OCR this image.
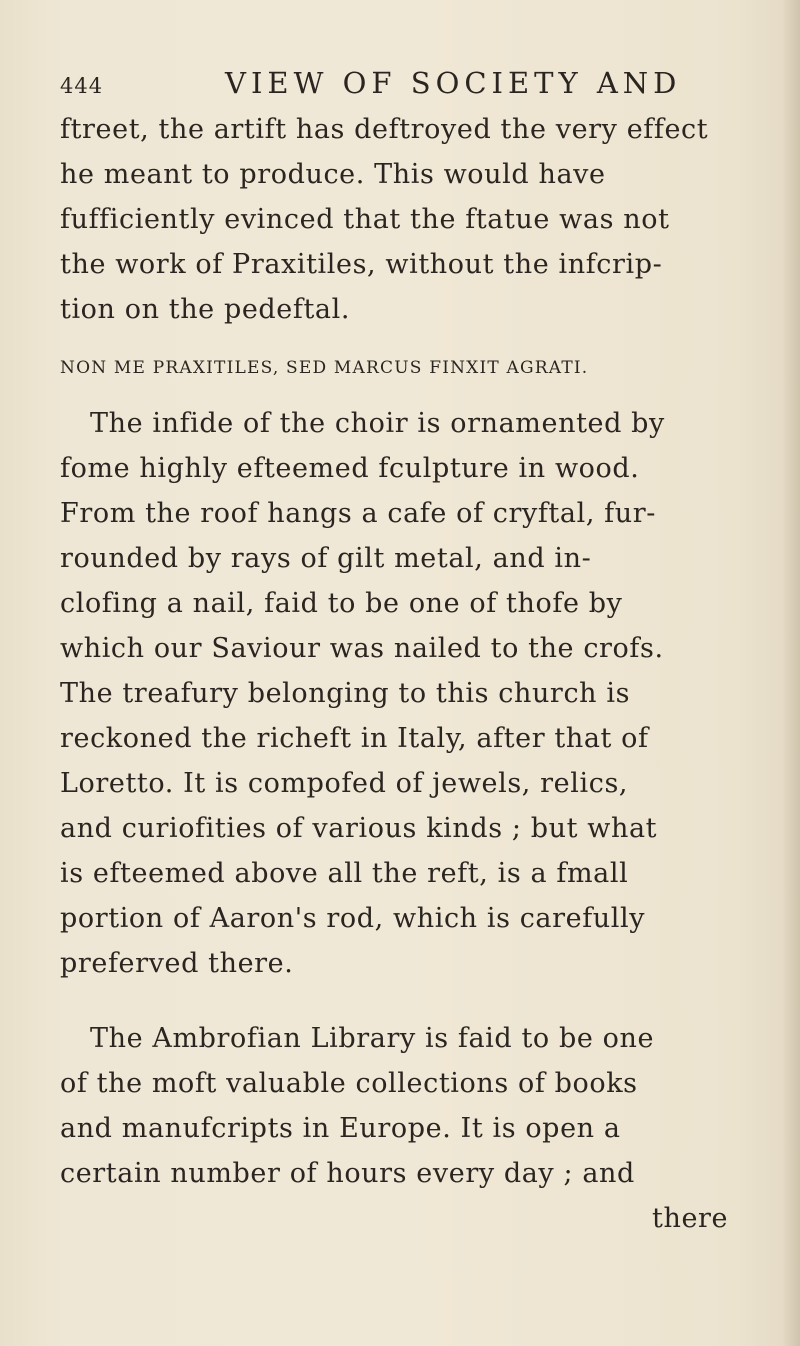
444	VIEW OF SOCIETY AND
ftreet, the artift has deftroyed the very effect
he meant to produce. This would have
fufficiently evinced that the ftatue was not
the work of Praxitiles, without the infcrip-
tion on the pedeftal.
NON ME PRAXITILES, SED MARCUS FINXIT AGRATI.
The infide of the choir is ornamented by
fome highly efteemed fculpture in wood.
From the roof hangs a cafe of cryftal, fur-
rounded by rays of gilt metal, and in-
clofing a nail, faid to be one of thofe by
which our Saviour was nailed to the crofs.
The treafury belonging to this church is
reckoned the richeft in Italy, after that of
Loretto. It is compofed of jewels, relics,
and curiofities of various kinds ; but what
is efteemed above all the reft, is a fmall
portion of Aaron's rod, which is carefully
preferved there.
The Ambrofian Library is faid to be one
of the moft valuable collections of books
and manufcripts in Europe. It is open a
certain number of hours every day ; and
there
